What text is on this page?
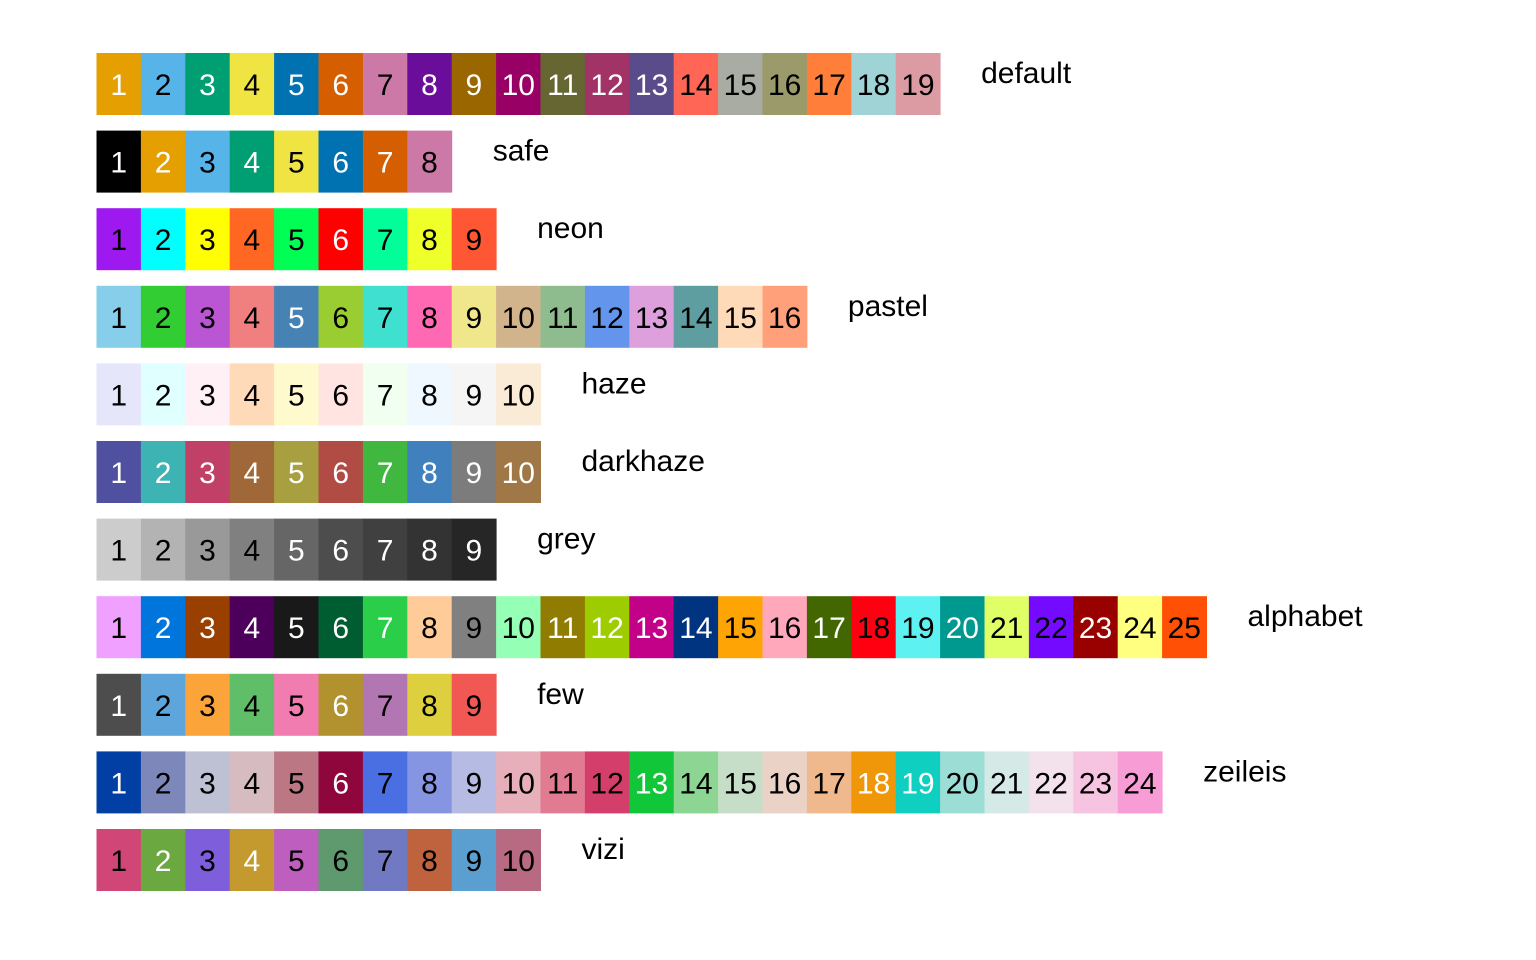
1 2 3 4 5 6 7 8 9 10 11 12 13 14 15 16 17 18 19 default
1 2 3 4 5 6 7 8 safe
1 2 3 4 5 6 7 8 9 neon
1 2 3 4 5 6 7 8 9 10 11 12 13 14 15 16 pastel
1 2 3 4 5 6 7 8 9 10 haze
1 2 3 4 5 6 7 8 9 10 darkhaze
1 2 3 4 5 6 7 8 9 grey
1 2 3 4 5 6 7 8 9 10 11 12 13 14 15 16 17 18 19 20 21 22 23 24 25 alphabet
1 2 3 4 5 6 7 8 9 few
1 2 3 4 5 6 7 8 9 10 11 12 13 14 15 16 17 18 19 20 21 22 23 24 zeileis
1 2 3 4 5 6 7 8 9 10 vizi
